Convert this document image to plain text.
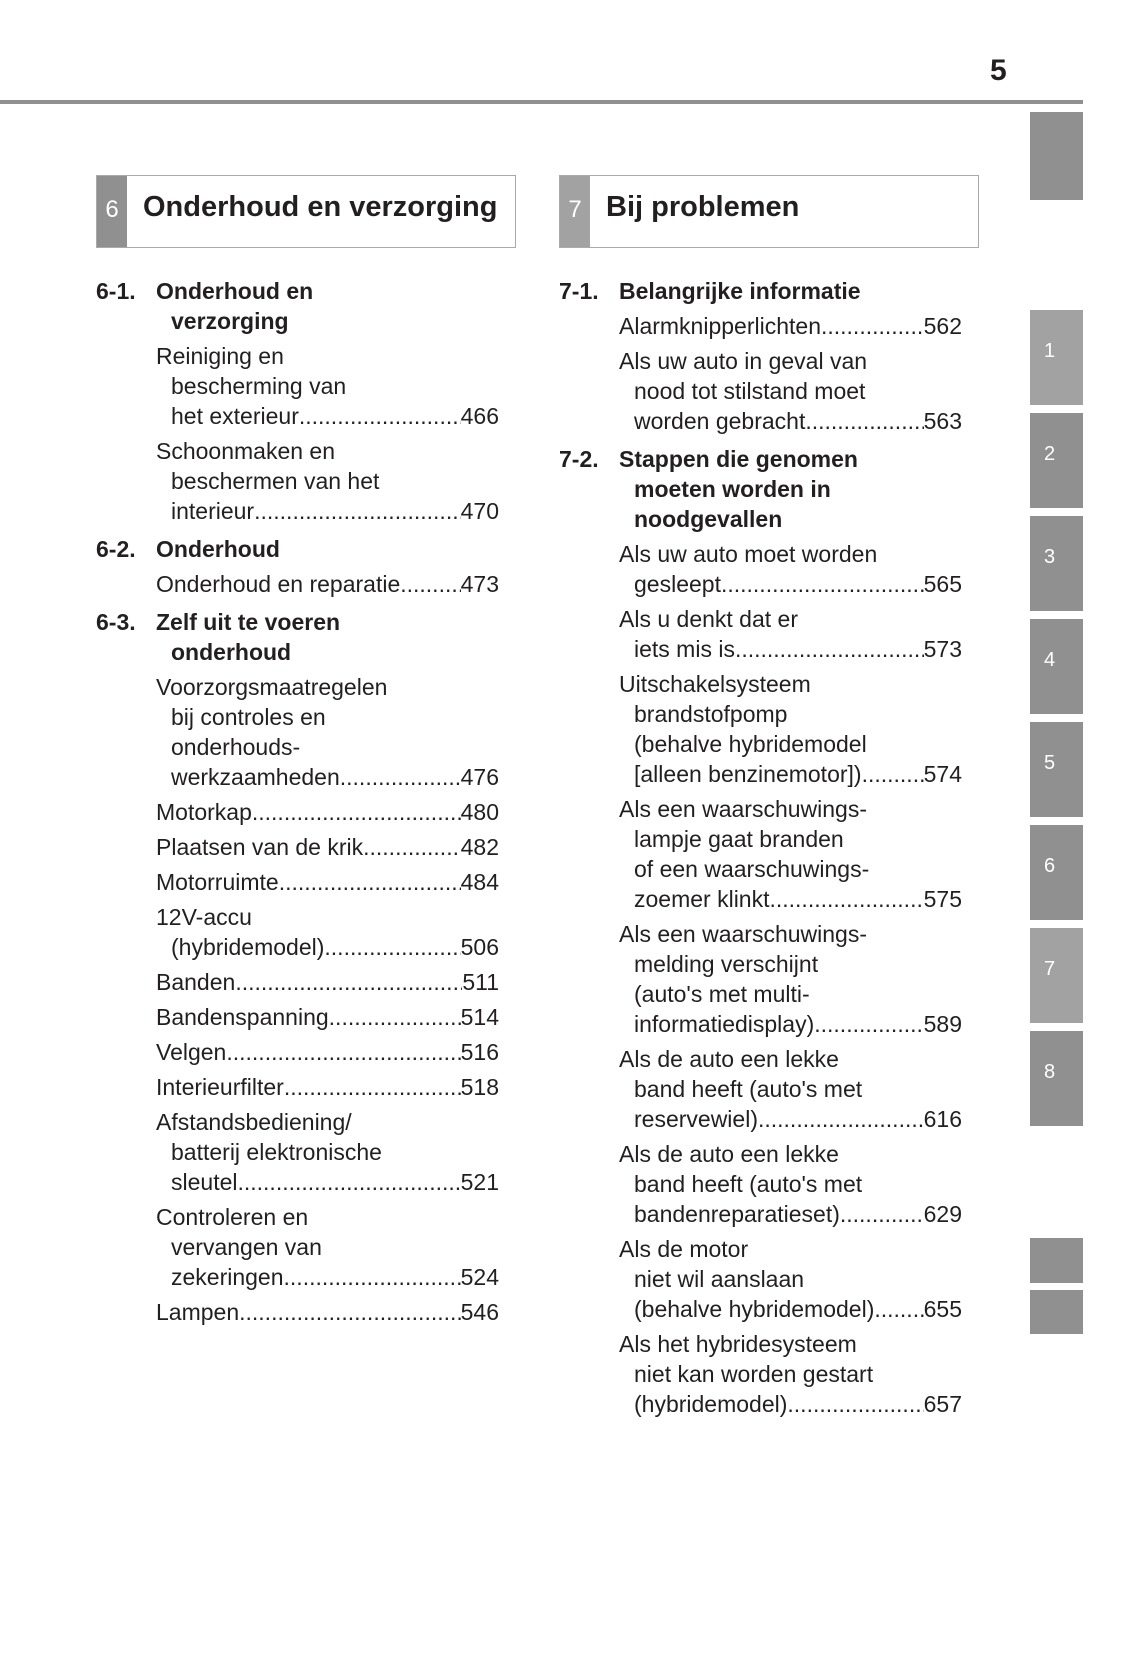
5
1
2
3
4
5
6
7
8
6 Onderhoud en verzorging
6-1. Onderhoud en
verzorging
Reiniging en
bescherming van
het exterieur .....	466
Schoonmaken en
beschermen van het
interieur .....	470
6-2. Onderhoud
Onderhoud en reparatie .....	473
6-3. Zelf uit te voeren
onderhoud
Voorzorgsmaatregelen
bij controles en
onderhouds-
werkzaamheden .....	476
Motorkap .....	480
Plaatsen van de krik .....	482
Motorruimte .....	484
12V-accu
(hybridemodel) .....	506
Banden .....	511
Bandenspanning .....	514
Velgen .....	516
Interieurfilter .....	518
Afstandsbediening/
batterij elektronische
sleutel .....	521
Controleren en
vervangen van
zekeringen .....	524
Lampen .....	546
7 Bij problemen
7-1. Belangrijke informatie
Alarmknipperlichten .....	562
Als uw auto in geval van
nood tot stilstand moet
worden gebracht .....	563
7-2. Stappen die genomen
moeten worden in
noodgevallen
Als uw auto moet worden
gesleept .....	565
Als u denkt dat er
iets mis is .....	573
Uitschakelsysteem
brandstofpomp
(behalve hybridemodel
[alleen benzinemotor]) .....	574
Als een waarschuwings-
lampje gaat branden
of een waarschuwings-
zoemer klinkt .....	575
Als een waarschuwings-
melding verschijnt
(auto's met multi-
informatiedisplay) .....	589
Als de auto een lekke
band heeft (auto's met
reservewiel) .....	616
Als de auto een lekke
band heeft (auto's met
bandenreparatieset) .....	629
Als de motor
niet wil aanslaan
(behalve hybridemodel) ..... 655
Als het hybridesysteem
niet kan worden gestart
(hybridemodel) .....	657
